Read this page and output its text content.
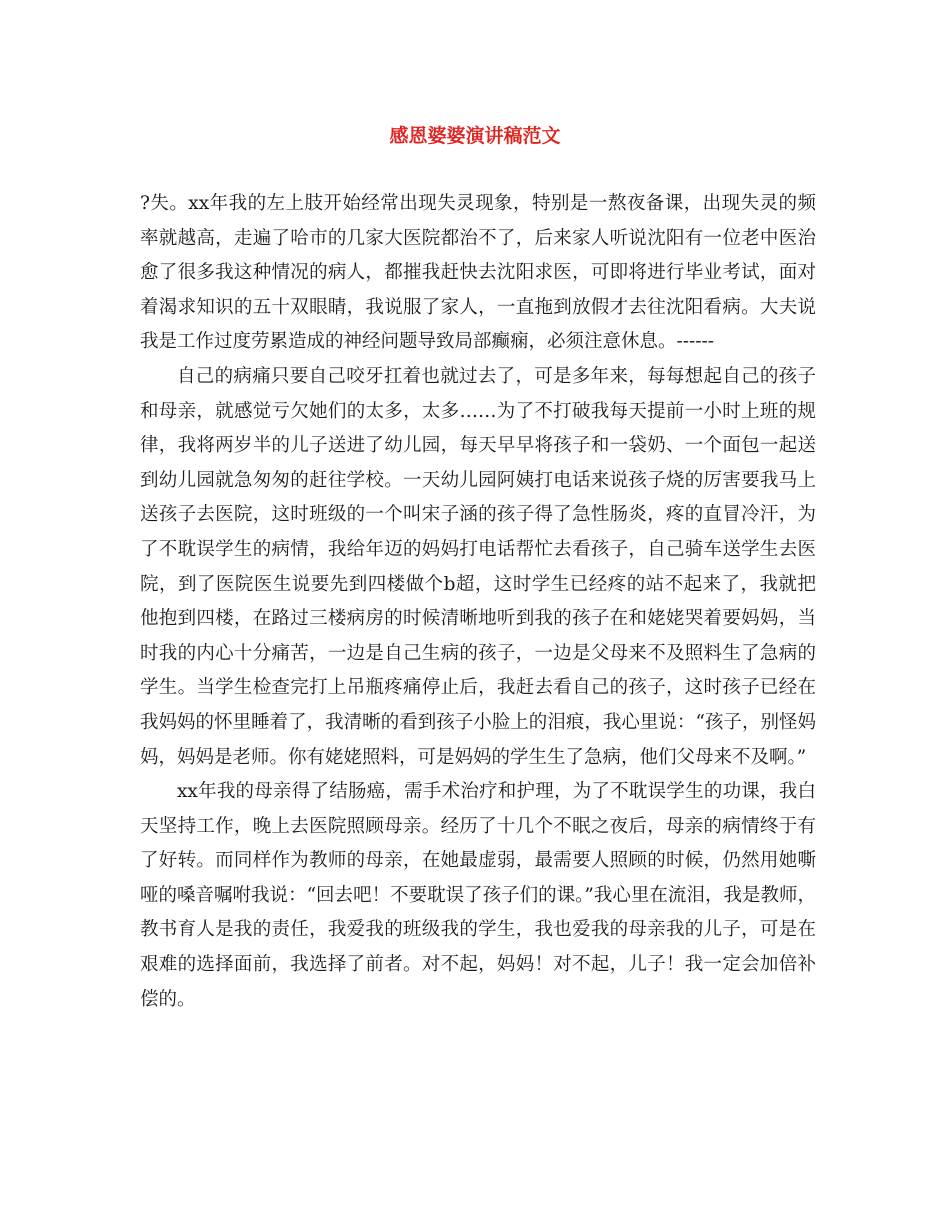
感恩婆婆演讲稿范文

?失。xx年我的左上肢开始经常出现失灵现象，特别是一熬夜备课，出现失灵的频率就越高，走遍了哈市的几家大医院都治不了，后来家人听说沈阳有一位老中医治愈了很多我这种情况的病人，都摧我赶快去沈阳求医，可即将进行毕业考试，面对着渴求知识的五十双眼睛，我说服了家人，一直拖到放假才去往沈阳看病。大夫说我是工作过度劳累造成的神经问题导致局部癫痫，必须注意休息。------

自己的病痛只要自己咬牙扛着也就过去了，可是多年来，每每想起自己的孩子和母亲，就感觉亏欠她们的太多，太多……为了不打破我每天提前一小时上班的规律，我将两岁半的儿子送进了幼儿园，每天早早将孩子和一袋奶、一个面包一起送到幼儿园就急匆匆的赶往学校。一天幼儿园阿姨打电话来说孩子烧的厉害要我马上送孩子去医院，这时班级的一个叫宋子涵的孩子得了急性肠炎，疼的直冒冷汗，为了不耽误学生的病情，我给年迈的妈妈打电话帮忙去看孩子，自己骑车送学生去医院，到了医院医生说要先到四楼做个b超，这时学生已经疼的站不起来了，我就把他抱到四楼，在路过三楼病房的时候清晰地听到我的孩子在和姥姥哭着要妈妈，当时我的内心十分痛苦，一边是自己生病的孩子，一边是父母来不及照料生了急病的学生。当学生检查完打上吊瓶疼痛停止后，我赶去看自己的孩子，这时孩子已经在我妈妈的怀里睡着了，我清晰的看到孩子小脸上的泪痕，我心里说：“孩子，别怪妈妈，妈妈是老师。你有姥姥照料，可是妈妈的学生生了急病，他们父母来不及啊。”

xx年我的母亲得了结肠癌，需手术治疗和护理，为了不耽误学生的功课，我白天坚持工作，晚上去医院照顾母亲。经历了十几个不眠之夜后，母亲的病情终于有了好转。而同样作为教师的母亲，在她最虚弱，最需要人照顾的时候，仍然用她嘶哑的嗓音嘱咐我说：“回去吧！不要耽误了孩子们的课。”我心里在流泪，我是教师，教书育人是我的责任，我爱我的班级我的学生，我也爱我的母亲我的儿子，可是在艰难的选择面前，我选择了前者。对不起，妈妈！对不起，儿子！我一定会加倍补偿的。
